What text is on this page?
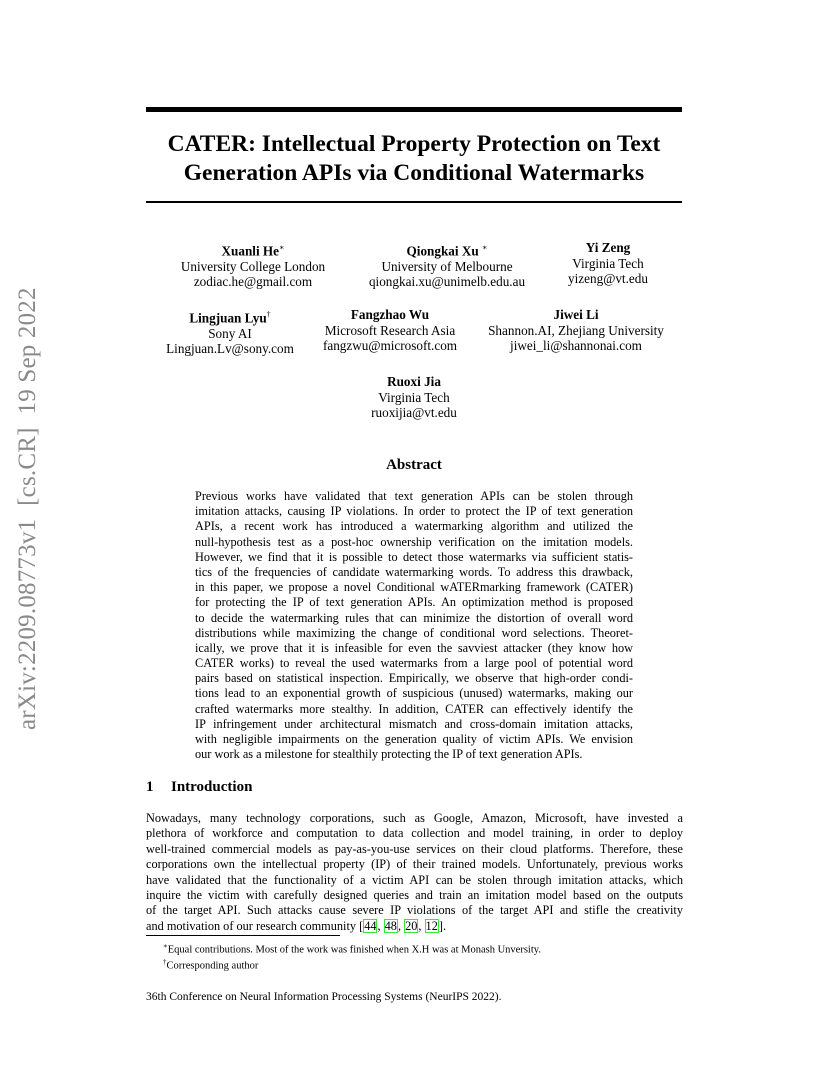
arXiv:2209.08773v1  [cs.CR]  19 Sep 2022
CATER: Intellectual Property Protection on Text
Generation APIs via Conditional Watermarks
Xuanli He∗
University College London
zodiac.he@gmail.com
Qiongkai Xu ∗
University of Melbourne
qiongkai.xu@unimelb.edu.au
Yi Zeng
Virginia Tech
yizeng@vt.edu
Lingjuan Lyu†
Sony AI
Lingjuan.Lv@sony.com
Fangzhao Wu
Microsoft Research Asia
fangzwu@microsoft.com
Jiwei Li
Shannon.AI, Zhejiang University
jiwei_li@shannonai.com
Ruoxi Jia
Virginia Tech
ruoxijia@vt.edu
Abstract
Previous works have validated that text generation APIs can be stolen through
imitation attacks, causing IP violations. In order to protect the IP of text generation
APIs, a recent work has introduced a watermarking algorithm and utilized the
null-hypothesis test as a post-hoc ownership verification on the imitation models.
However, we find that it is possible to detect those watermarks via sufficient statis-
tics of the frequencies of candidate watermarking words. To address this drawback,
in this paper, we propose a novel Conditional wATERmarking framework (CATER)
for protecting the IP of text generation APIs. An optimization method is proposed
to decide the watermarking rules that can minimize the distortion of overall word
distributions while maximizing the change of conditional word selections. Theoret-
ically, we prove that it is infeasible for even the savviest attacker (they know how
CATER works) to reveal the used watermarks from a large pool of potential word
pairs based on statistical inspection. Empirically, we observe that high-order condi-
tions lead to an exponential growth of suspicious (unused) watermarks, making our
crafted watermarks more stealthy. In addition, CATER can effectively identify the
IP infringement under architectural mismatch and cross-domain imitation attacks,
with negligible impairments on the generation quality of victim APIs. We envision
our work as a milestone for stealthily protecting the IP of text generation APIs.
1 Introduction
Nowadays, many technology corporations, such as Google, Amazon, Microsoft, have invested a
plethora of workforce and computation to data collection and model training, in order to deploy
well-trained commercial models as pay-as-you-use services on their cloud platforms. Therefore, these
corporations own the intellectual property (IP) of their trained models. Unfortunately, previous works
have validated that the functionality of a victim API can be stolen through imitation attacks, which
inquire the victim with carefully designed queries and train an imitation model based on the outputs
of the target API. Such attacks cause severe IP violations of the target API and stifle the creativity
and motivation of our research community [44, 48, 20, 12].
∗Equal contributions. Most of the work was finished when X.H was at Monash Unversity.
†Corresponding author
36th Conference on Neural Information Processing Systems (NeurIPS 2022).
